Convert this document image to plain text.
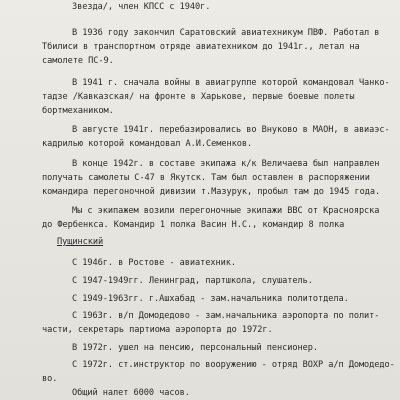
Звезда/, член КПСС с 1940г.
В 1936 году закончил Саратовский авиатехникум ПВФ. Работал в
Тбилиси в транспортном отряде авиатехником до 1941г., летал на
самолете ПС-9.
В 1941 г. сначала войны в авиагруппе которой командовал Чанко-
тадзе /Кавказская/ на фронте в Харькове, первые боевые полеты
бортмехаником.
В августе 1941г. перебазировались во Внуково в МАОН, в авиаэс-
кадрилью которой командовал А.И.Семенков.
В конце 1942г. в составе экипажа к/к Величаева был направлен
получать самолеты С-47 в Якутск. Там был оставлен в распоряжении
командира перегоночной дивизии т.Мазурук, пробыл там до 1945 года.
Мы с экипажем возили перегоночные экипажи ВВС от Красноярска
до Фербенкса. Командир 1 полка Васин Н.С., командир 8 полка
Пущинский
С 1946г. в Ростове - авиатехник.
С 1947-1949гг. Ленинград, партшкола, слушатель.
С 1949-1963гг. г.Ашхабад - зам.начальника политотдела.
С 1963г. в/п Домодедово - зам.начальника аэропорта по полит-
части, секретарь партиома аэропорта до 1972г.
В 1972г. ушел на пенсию, персональный пенсионер.
С 1972г. ст.инструктор по вооружению - отряд ВОХР а/п Домодедо-
во.
Общий налет 6000 часов.
